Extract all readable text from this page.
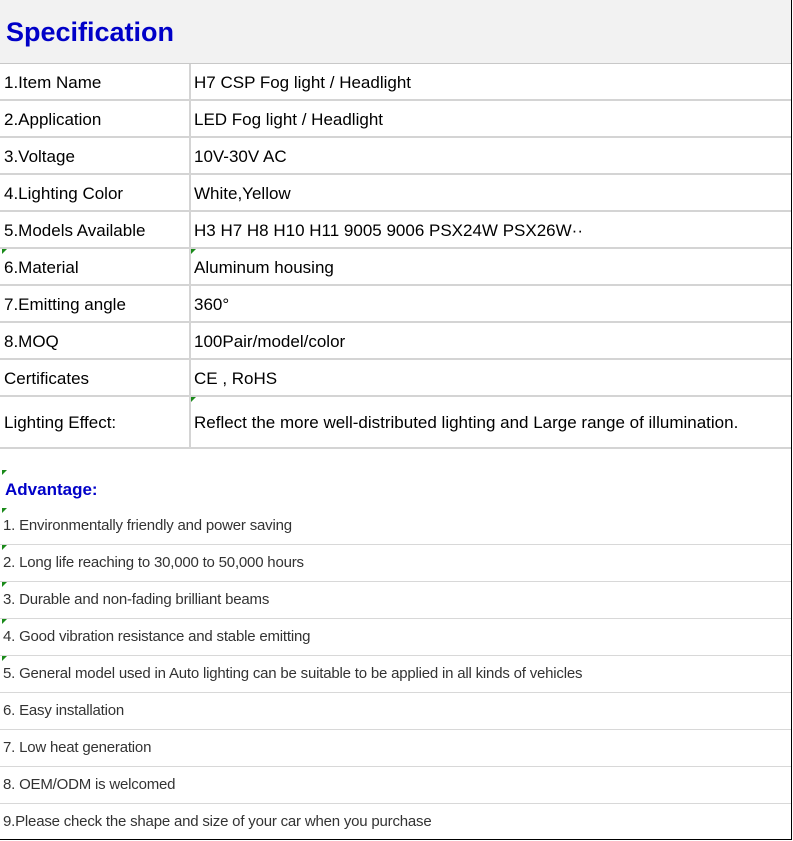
Specification
1.Item Name	H7 CSP Fog light / Headlight
2.Application	LED Fog light / Headlight
3.Voltage	10V-30V AC
4.Lighting Color	White,Yellow
5.Models Available	H3 H7 H8 H10 H11 9005 9006 PSX24W PSX26W··
6.Material	Aluminum housing
7.Emitting angle	360°
8.MOQ	100Pair/model/color
Certificates	CE , RoHS
Lighting Effect:	Reflect the more well-distributed lighting and Large range of illumination.
Advantage:
1. Environmentally friendly and power saving
2. Long life reaching to 30,000 to 50,000 hours
3. Durable and non-fading brilliant beams
4. Good vibration resistance and stable emitting
5. General model used in Auto lighting can be suitable to be applied in all kinds of vehicles
6. Easy installation
7. Low heat generation
8. OEM/ODM is welcomed
9.Please check the shape and size of your car when you purchase
